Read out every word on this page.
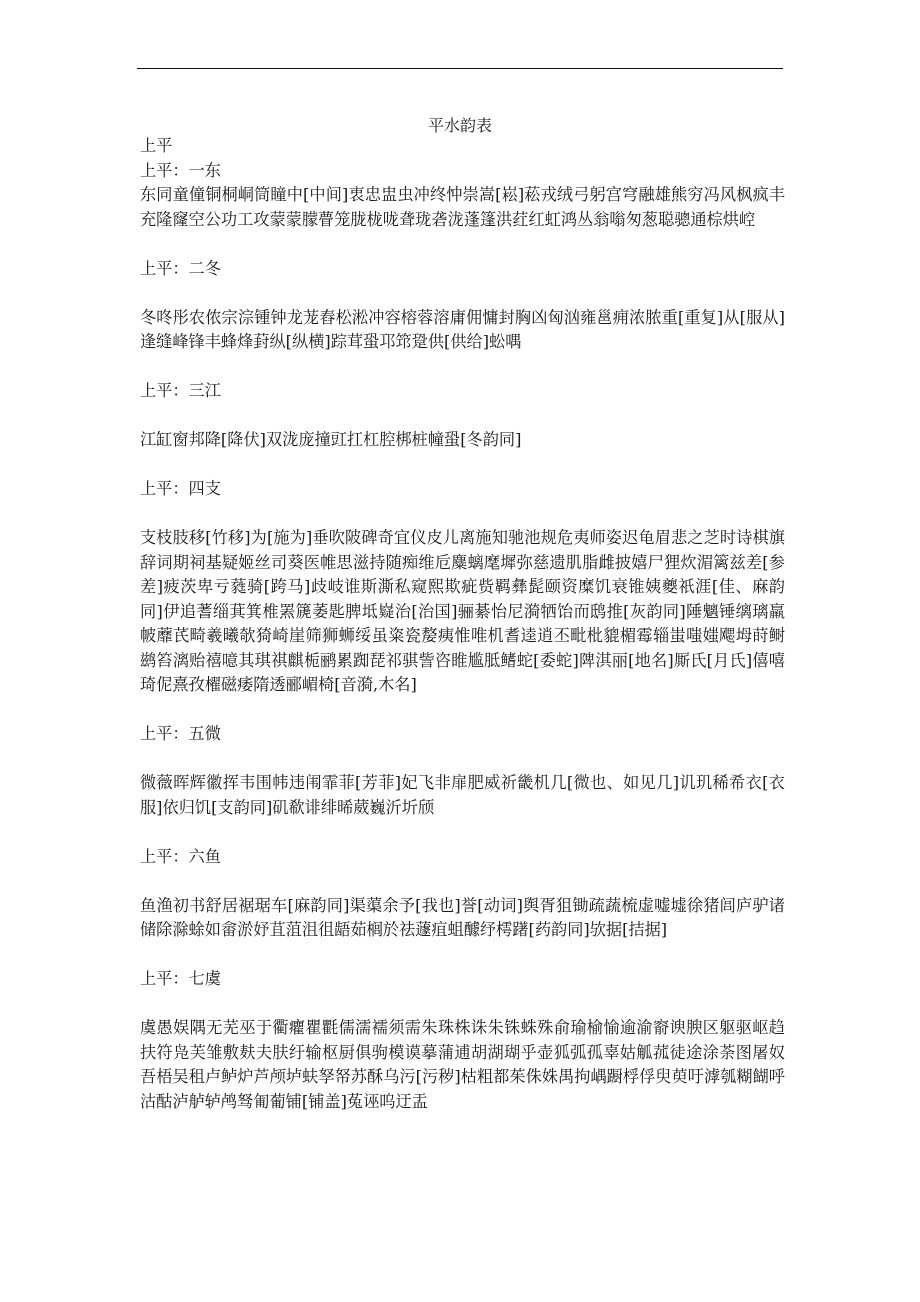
平水韵表

上平

上平：一东

东同童僮铜桐峒筒瞳中[中间]衷忠盅虫冲终忡崇嵩[崧]菘戎绒弓躬宫穹融雄熊穷冯风枫疯丰充隆窿空公功工攻蒙蒙朦瞢笼胧栊咙聋珑砻泷蓬篷洪荭红虹鸿丛翁嗡匆葱聪骢通棕烘崆

上平：二冬

冬咚彤农侬宗淙锺钟龙茏舂松淞冲容榕蓉溶庸佣慵封胸凶匈汹雍邕痈浓脓重[重复]从[服从]逢缝峰锋丰蜂烽葑纵[纵横]踪茸蛩邛筇跫供[供给]蚣喁

上平：三江

江缸窗邦降[降伏]双泷庞撞豇扛杠腔梆桩幢蛩[冬韵同]

上平：四支

支枝肢移[竹移]为[施为]垂吹陂碑奇宜仪皮儿离施知驰池规危夷师姿迟龟眉悲之芝时诗棋旗辞词期祠基疑姬丝司葵医帷思滋持随痴维卮麋螭麾墀弥慈遗肌脂雌披嬉尸狸炊湄篱兹差[参差]疲茨卑亏蕤骑[跨马]歧岐谁斯澌私窥熙欺疵赀羁彝髭颐资糜饥衰锥姨夔祇涯[佳、麻韵同]伊追蓍缁萁箕椎罴篪萎匙脾坻嶷治[治国]骊綦怡尼漪牺饴而鸱推[灰韵同]陲魑锤缡璃羸帔蘼芪畸羲曦欹猗崎崖筛狮蛳绥虽粢瓷嫠痍惟唯机耆逵逍丕毗枇貔楣霉辎蚩嗤媸飔坶莳鲥鹚笞漓贻禧噫其琪祺麒栀鹂累踟琵祁骐訾咨睢尴胝鳍蛇[委蛇]陴淇丽[地名]厮氏[月氏]僖嘻琦伲熹孜櫂磁痿隋透郦嵋椅[音漪,木名]

上平：五微

微薇晖辉徽挥韦围帏违闱霏菲[芳菲]妃飞非扉肥威祈畿机几[微也、如见几]讥玑稀希衣[衣服]依归饥[支韵同]矶欷诽绯晞葳巍沂圻颀

上平：六鱼

鱼渔初书舒居裾琚车[麻韵同]渠蕖余予[我也]誉[动词]舆胥狙锄疏蔬梳虚嘘墟徐猪闾庐驴诸储除滁蜍如畲淤妤苴菹沮徂龉茹榈於祛蘧疽蛆醵纾樗躇[药韵同]欤据[拮据]

上平：七虞

虞愚娱隅无芜巫于衢癯瞿氍儒濡襦须需朱珠株诛朱铢蛛殊俞瑜榆愉逾渝窬谀腴区躯驱岖趋扶符凫芙雏敷麸夫肤纡输枢厨俱驹模谟摹蒲逋胡湖瑚乎壶狐弧孤辜姑觚菰徒途涂荼图屠奴吾梧吴租卢鲈炉芦颅垆蚨孥帑苏酥乌污[污秽]枯粗都茱侏姝禺拘嵎蹰桴俘臾萸吁滹瓠糊餬呼沽酤泸舻轳鸬驽匍葡铺[铺盖]菟诬呜迂盂
